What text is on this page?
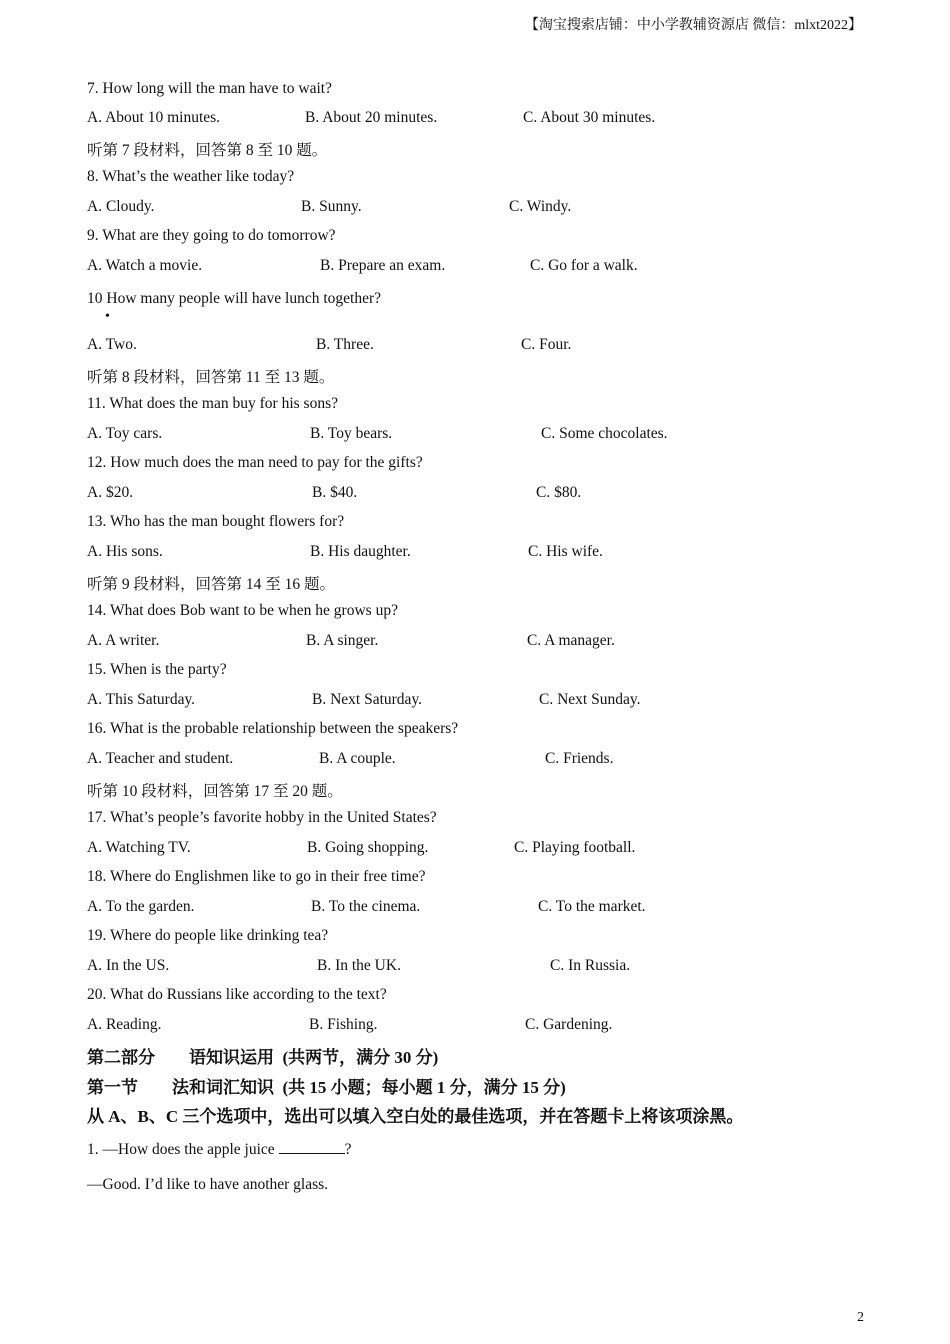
【淘宝搜索店铺：中小学教辅资源店 微信：mlxt2022】
7. How long will the man have to wait?
A. About 10 minutes.	B. About 20 minutes.	C. About 30 minutes.
听第 7 段材料，回答第 8 至 10 题。
8. What’s the weather like today?
A. Cloudy.	B. Sunny.	C. Windy.
9. What are they going to do tomorrow?
A. Watch a movie.	B. Prepare an exam.	C. Go for a walk.
10 How many people will have lunch together?
•
A. Two.	B. Three.	C. Four.
听第 8 段材料，回答第 11 至 13 题。
11. What does the man buy for his sons?
A. Toy cars.	B. Toy bears.	C. Some chocolates.
12. How much does the man need to pay for the gifts?
A. $20.	B. $40.	C. $80.
13. Who has the man bought flowers for?
A. His sons.	B. His daughter.	C. His wife.
听第 9 段材料，回答第 14 至 16 题。
14. What does Bob want to be when he grows up?
A. A writer.	B. A singer.	C. A manager.
15. When is the party?
A. This Saturday.	B. Next Saturday.	C. Next Sunday.
16. What is the probable relationship between the speakers?
A. Teacher and student.	B. A couple.	C. Friends.
听第 10 段材料，回答第 17 至 20 题。
17. What’s people’s favorite hobby in the United States?
A. Watching TV.	B. Going shopping.	C. Playing football.
18. Where do Englishmen like to go in their free time?
A. To the garden.	B. To the cinema.	C. To the market.
19. Where do people like drinking tea?
A. In the US.	B. In the UK.	C. In Russia.
20. What do Russians like according to the text?
A. Reading.	B. Fishing.	C. Gardening.
第二部分        语知识运用  (共两节，满分 30 分)
第一节        法和词汇知识  (共 15 小题；每小题 1 分，满分 15 分)
从 A、B、C 三个选项中，选出可以填入空白处的最佳选项，并在答题卡上将该项涂黑。
1. —How does the apple juice	?
—Good. I’d like to have another glass.
2
